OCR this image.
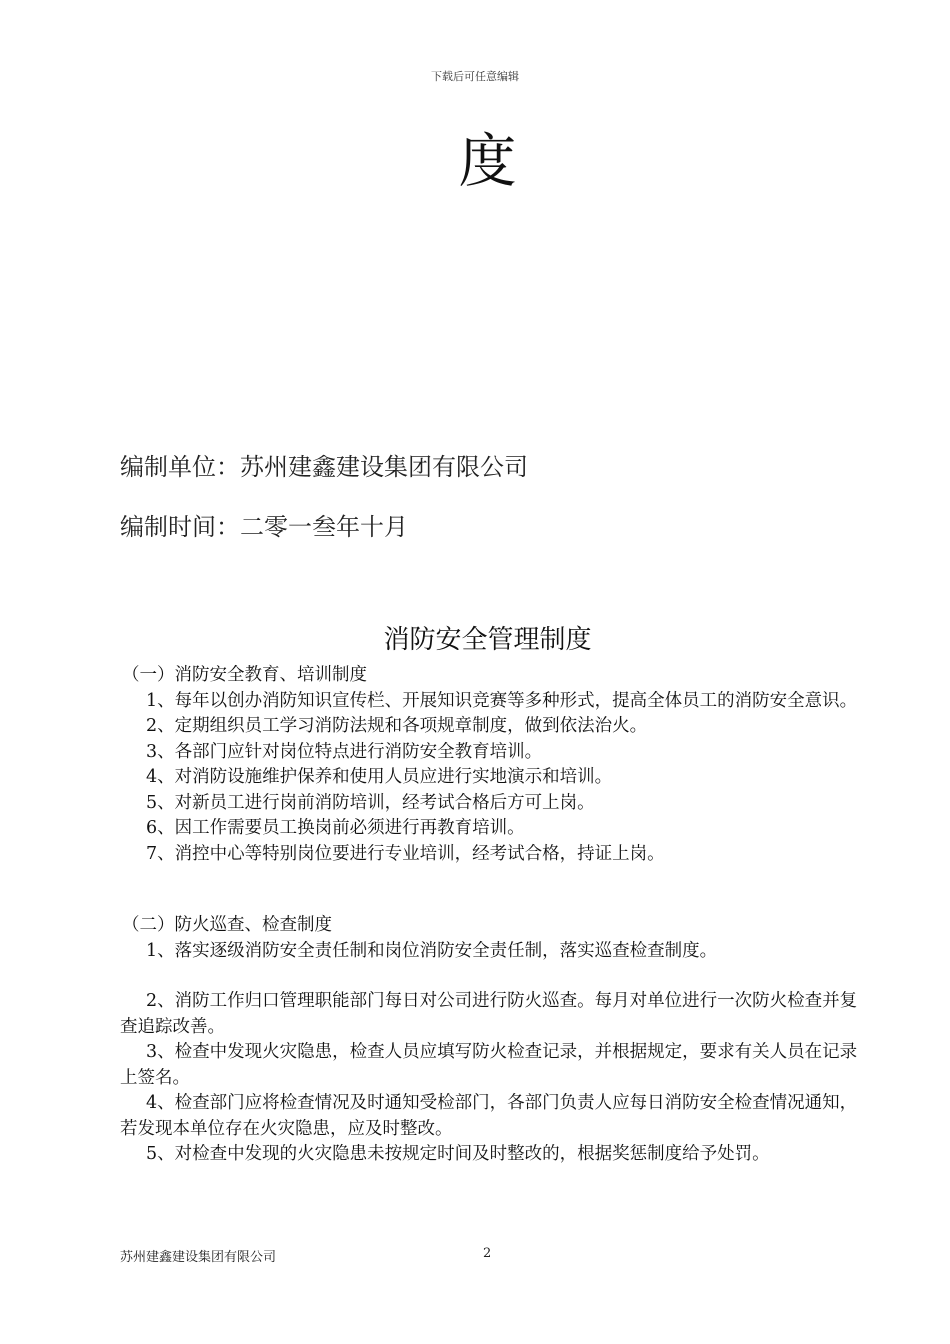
下载后可任意编辑
度
编制单位：苏州建鑫建设集团有限公司
编制时间：二零一叁年十月
消防安全管理制度

（一）消防安全教育、培训制度

1、每年以创办消防知识宣传栏、开展知识竞赛等多种形式，提高全体员工的消防安全意识。

2、定期组织员工学习消防法规和各项规章制度，做到依法治火。

3、各部门应针对岗位特点进行消防安全教育培训。

4、对消防设施维护保养和使用人员应进行实地演示和培训。

5、对新员工进行岗前消防培训，经考试合格后方可上岗。

6、因工作需要员工换岗前必须进行再教育培训。

7、消控中心等特别岗位要进行专业培训，经考试合格，持证上岗。

（二）防火巡查、检查制度

1、落实逐级消防安全责任制和岗位消防安全责任制，落实巡查检查制度。

2、消防工作归口管理职能部门每日对公司进行防火巡查。每月对单位进行一次防火检查并复查追踪改善。

3、检查中发现火灾隐患，检查人员应填写防火检查记录，并根据规定，要求有关人员在记录上签名。

4、检查部门应将检查情况及时通知受检部门，各部门负责人应每日消防安全检查情况通知，若发现本单位存在火灾隐患，应及时整改。

5、对检查中发现的火灾隐患未按规定时间及时整改的，根据奖惩制度给予处罚。

苏州建鑫建设集团有限公司	2
